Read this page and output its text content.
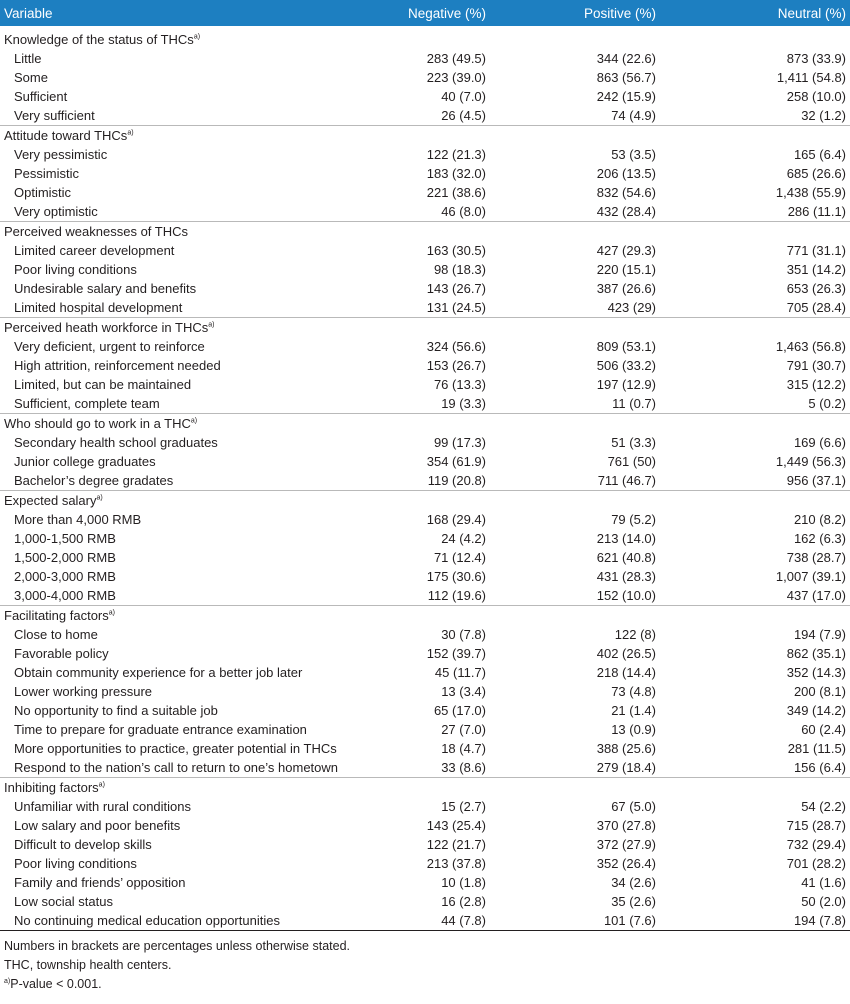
Variable	Negative (%)	Positive (%)	Neutral (%)
Knowledge of the status of THCs$^{a)}$
Little	283 (49.5)	344 (22.6)	873 (33.9)
Some	223 (39.0)	863 (56.7)	1,411 (54.8)
Sufficient	40 (7.0)	242 (15.9)	258 (10.0)
Very sufficient	26 (4.5)	74 (4.9)	32 (1.2)
Attitude toward THCs$^{a)}$
Very pessimistic	122 (21.3)	53 (3.5)	165 (6.4)
Pessimistic	183 (32.0)	206 (13.5)	685 (26.6)
Optimistic	221 (38.6)	832 (54.6)	1,438 (55.9)
Very optimistic	46 (8.0)	432 (28.4)	286 (11.1)
Perceived weaknesses of THCs			
Limited career development	163 (30.5)	427 (29.3)	771 (31.1)
Poor living conditions	98 (18.3)	220 (15.1)	351 (14.2)
Undesirable salary and benefits	143 (26.7)	387 (26.6)	653 (26.3)
Limited hospital development	131 (24.5)	423 (29)	705 (28.4)
Perceived heath workforce in THCs$^{a)}$
Very deficient, urgent to reinforce	324 (56.6)	809 (53.1)	1,463 (56.8)
High attrition, reinforcement needed	153 (26.7)	506 (33.2)	791 (30.7)
Limited, but can be maintained	76 (13.3)	197 (12.9)	315 (12.2)
Sufficient, complete team	19 (3.3)	11 (0.7)	5 (0.2)
Who should go to work in a THC$^{a)}$
Secondary health school graduates	99 (17.3)	51 (3.3)	169 (6.6)
Junior college graduates	354 (61.9)	761 (50)	1,449 (56.3)
Bachelor’s degree gradates	119 (20.8)	711 (46.7)	956 (37.1)
Expected salary$^{a)}$
More than 4,000 RMB	168 (29.4)	79 (5.2)	210 (8.2)
1,000-1,500 RMB	24 (4.2)	213 (14.0)	162 (6.3)
1,500-2,000 RMB	71 (12.4)	621 (40.8)	738 (28.7)
2,000-3,000 RMB	175 (30.6)	431 (28.3)	1,007 (39.1)
3,000-4,000 RMB	112 (19.6)	152 (10.0)	437 (17.0)
Facilitating factors$^{a)}$
Close to home	30 (7.8)	122 (8)	194 (7.9)
Favorable policy	152 (39.7)	402 (26.5)	862 (35.1)
Obtain community experience for a better job later	45 (11.7)	218 (14.4)	352 (14.3)
Lower working pressure	13 (3.4)	73 (4.8)	200 (8.1)
No opportunity to find a suitable job	65 (17.0)	21 (1.4)	349 (14.2)
Time to prepare for graduate entrance examination	27 (7.0)	13 (0.9)	60 (2.4)
More opportunities to practice, greater potential in THCs	18 (4.7)	388 (25.6)	281 (11.5)
Respond to the nation’s call to return to one’s hometown	33 (8.6)	279 (18.4)	156 (6.4)
Inhibiting factors$^{a)}$
Unfamiliar with rural conditions	15 (2.7)	67 (5.0)	54 (2.2)
Low salary and poor benefits	143 (25.4)	370 (27.8)	715 (28.7)
Difficult to develop skills	122 (21.7)	372 (27.9)	732 (29.4)
Poor living conditions	213 (37.8)	352 (26.4)	701 (28.2)
Family and friends’ opposition	10 (1.8)	34 (2.6)	41 (1.6)
Low social status	16 (2.8)	35 (2.6)	50 (2.0)
No continuing medical education opportunities	44 (7.8)	101 (7.6)	194 (7.8)
Numbers in brackets are percentages unless otherwise stated.
THC, township health centers.
$^{a)}$P-value < 0.001.
